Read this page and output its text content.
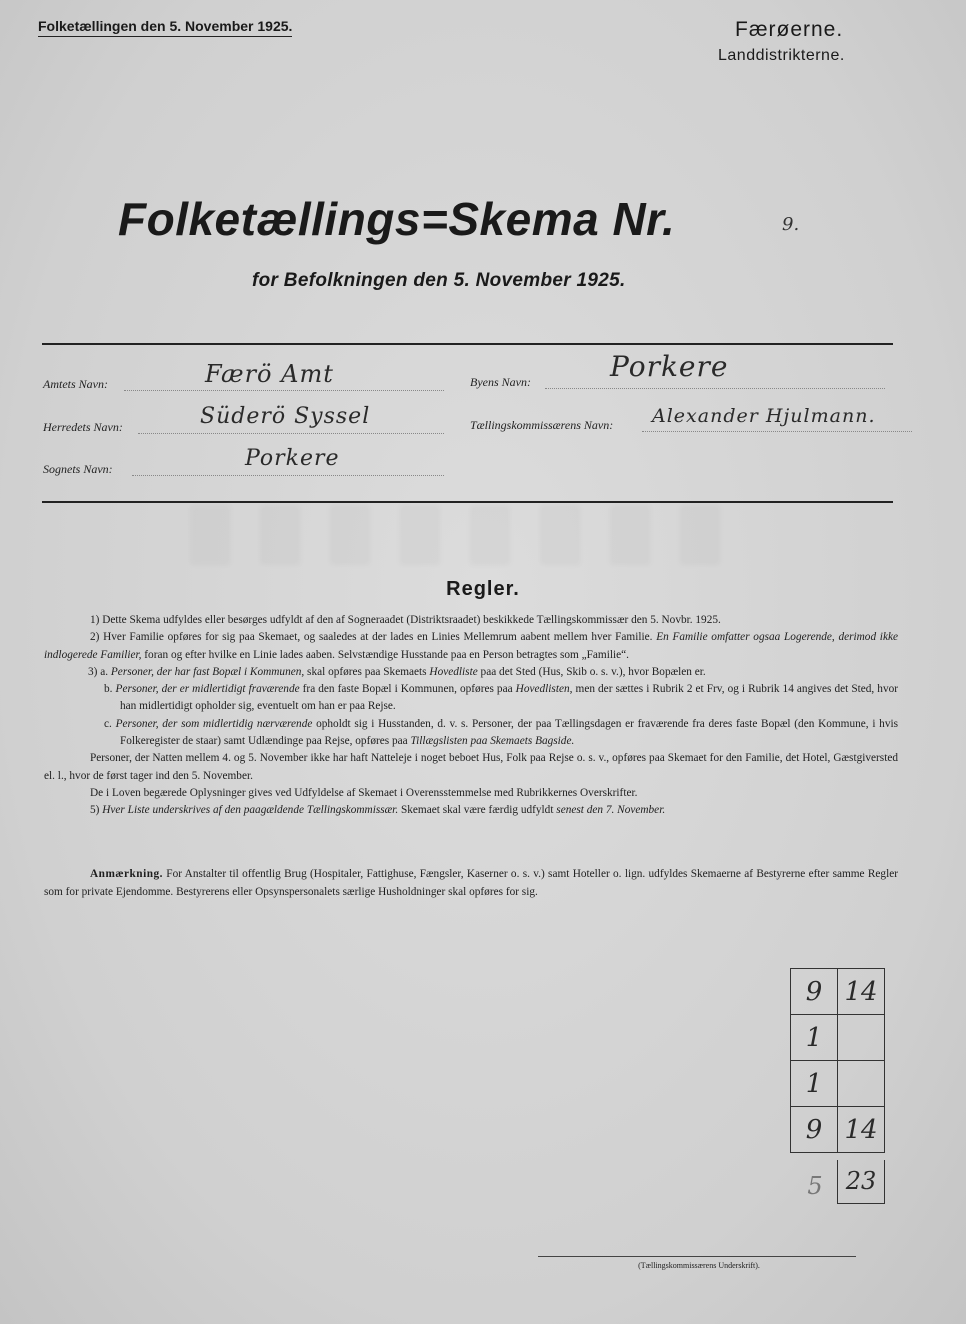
Folketællingen den 5. November 1925.	Færøerne.
Landdistrikterne.
Folketællings=Skema Nr.	9.
for Befolkningen den 5. November 1925.
Amtets Navn:	Færö Amt	Byens Navn:	Porkere
Herredets Navn:	Süderö Syssel	Tællingskommissærens Navn: Alexander Hjulmann.
Sognets Navn:	Porkere
Regler.

1) Dette Skema udfyldes eller besørges udfyldt af den af Sogneraadet (Distriktsraadet) beskikkede Tællingskommissær den 5. Novbr. 1925.

2) Hver Familie opføres for sig paa Skemaet, og saaledes at der lades en Linies Mellemrum aabent mellem hver Familie. En Familie omfatter ogsaa Logerende, derimod ikke indlogerede Familier, foran og efter hvilke en Linie lades aaben. Selvstændige Husstande paa en Person betragtes som „Familie“.

3) a. Personer, der har fast Bopæl i Kommunen, skal opføres paa Skemaets Hovedliste paa det Sted (Hus, Skib o. s. v.), hvor Bopælen er.

b. Personer, der er midlertidigt fraværende fra den faste Bopæl i Kommunen, opføres paa Hovedlisten, men der sættes i Rubrik 2 et Frv, og i Rubrik 14 angives det Sted, hvor han midlertidigt opholder sig, eventuelt om han er paa Rejse.

c. Personer, der som midlertidig nærværende opholdt sig i Husstanden, d. v. s. Personer, der paa Tællingsdagen er fraværende fra deres faste Bopæl (den Kommune, i hvis Folkeregister de staar) samt Udlændinge paa Rejse, opføres paa Tillægslisten paa Skemaets Bagside.

Personer, der Natten mellem 4. og 5. November ikke har haft Natteleje i noget beboet Hus, Folk paa Rejse o. s. v., opføres paa Skemaet for den Familie, det Hotel, Gæstgiversted el. l., hvor de først tager ind den 5. November.

De i Loven begærede Oplysninger gives ved Udfyldelse af Skemaet i Overensstemmelse med Rubrikkernes Overskrifter.

5) Hver Liste underskrives af den paagældende Tællingskommissær. Skemaet skal være færdig udfyldt senest den 7. November.

Anmærkning. For Anstalter til offentlig Brug (Hospitaler, Fattighuse, Fængsler, Kaserner o. s. v.) samt Hoteller o. lign. udfyldes Skemaerne af Bestyrerne efter samme Regler som for private Ejendomme. Bestyrerens eller Opsynspersonalets særlige Husholdninger skal opføres for sig.
9	14
1	
1	
9	14
5 23
(Tællingskommissærens Underskrift).
